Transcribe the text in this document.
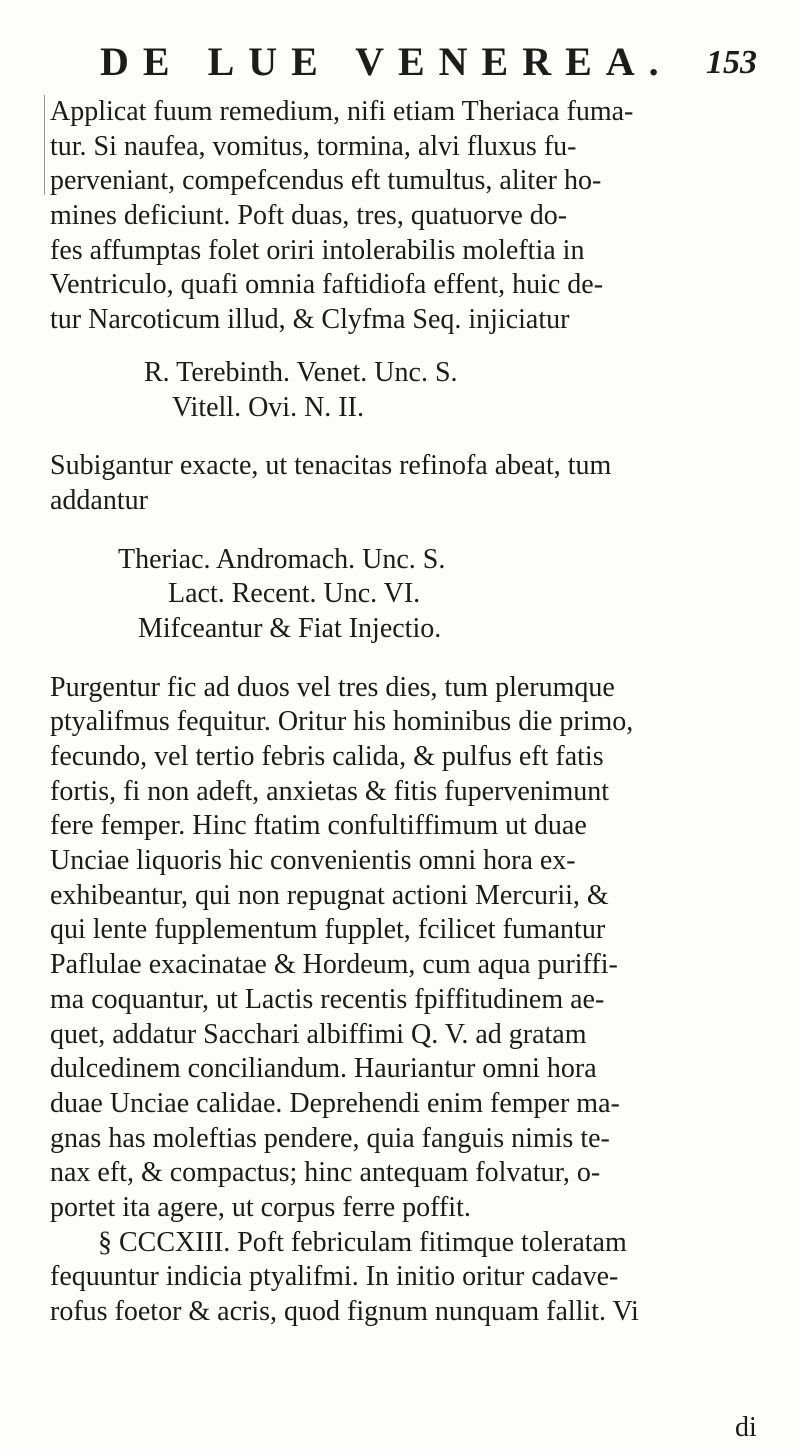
DE LUE VENEREA. 153
Applicat fuum remedium, nifi etiam Theriaca fuma-
tur. Si naufea, vomitus, tormina, alvi fluxus fu-
perveniant, compefcendus eft tumultus, aliter ho-
mines deficiunt. Poft duas, tres, quatuorve do-
fes affumptas folet oriri intolerabilis moleftia in
Ventriculo, quafi omnia faftidiofa effent, huic de-
tur Narcoticum illud, & Clyfma Seq. injiciatur
R. Terebinth. Venet. Unc. S.
Vitell. Ovi. N. II.
Subigantur exacte, ut tenacitas refinofa abeat, tum
addantur
Theriac. Andromach. Unc. S.
Lact. Recent. Unc. VI.
Mifceantur & Fiat Injectio.
Purgentur fic ad duos vel tres dies, tum plerumque
ptyalifmus fequitur. Oritur his hominibus die primo,
fecundo, vel tertio febris calida, & pulfus eft fatis
fortis, fi non adeft, anxietas & fitis fupervenimunt
fere femper. Hinc ftatim confultiffimum ut duae
Unciae liquoris hic convenientis omni hora ex-
exhibeantur, qui non repugnat actioni Mercurii, &
qui lente fupplementum fupplet, fcilicet fumantur
Paflulae exacinatae & Hordeum, cum aqua puriffi-
ma coquantur, ut Lactis recentis fpiffitudinem ae-
quet, addatur Sacchari albiffimi Q. V. ad gratam
dulcedinem conciliandum. Hauriantur omni hora
duae Unciae calidae. Deprehendi enim femper ma-
gnas has moleftias pendere, quia fanguis nimis te-
nax eft, & compactus; hinc antequam folvatur, o-
portet ita agere, ut corpus ferre poffit.
§ CCCXIII. Poft febriculam fitimque toleratam
fequuntur indicia ptyalifmi. In initio oritur cadave-
rofus foetor & acris, quod fignum nunquam fallit. Vi
di
